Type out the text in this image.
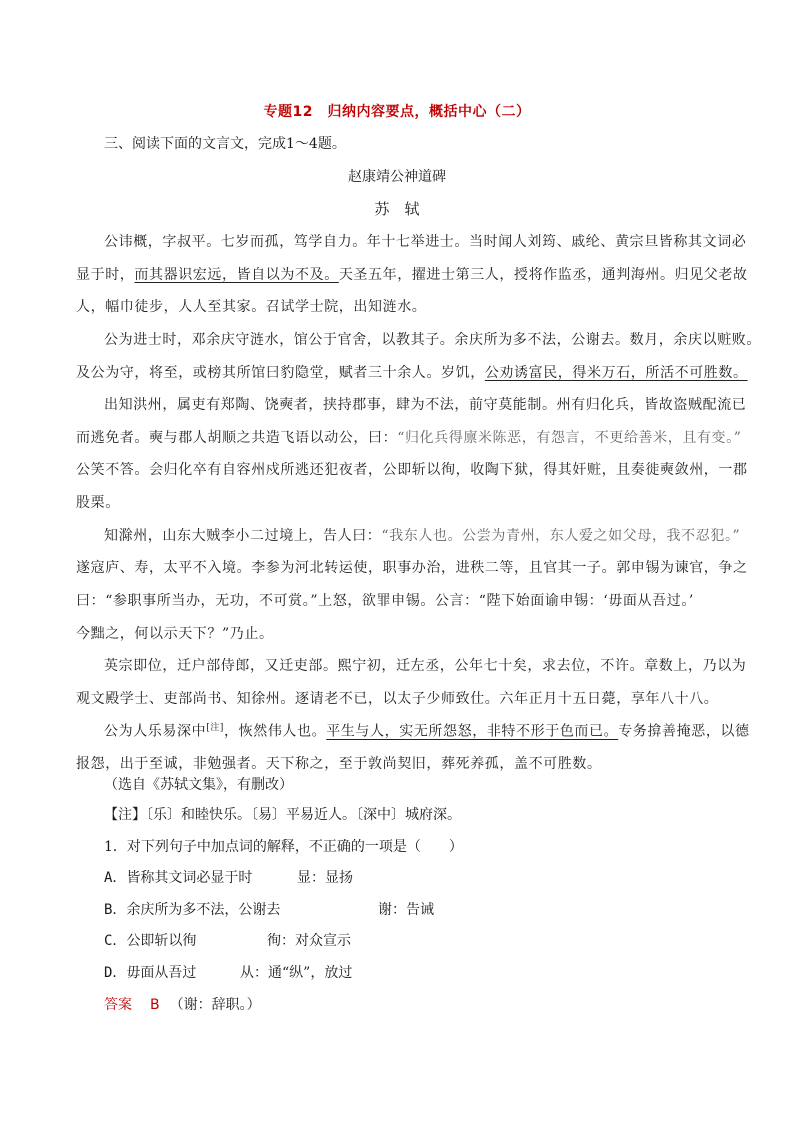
专题12　归纳内容要点，概括中心（二）
三、阅读下面的文言文，完成1～4题。
赵康靖公神道碑
苏　轼
公讳概，字叔平。七岁而孤，笃学自力。年十七举进士。当时闻人刘筠、戚纶、黄宗旦皆称其文词必
显于时，而其器识宏远，皆自以为不及。天圣五年，擢进士第三人，授将作监丞，通判海州。归见父老故
人，幅巾徒步，人人至其家。召试学士院，出知涟水。
公为进士时，邓余庆守涟水，馆公于官舍，以教其子。余庆所为多不法，公谢去。数月，余庆以赃败。
及公为守，将至，或榜其所馆曰豹隐堂，赋者三十余人。岁饥，公劝诱富民，得米万石，所活不可胜数。
出知洪州，属吏有郑陶、饶奭者，挟持郡事，肆为不法，前守莫能制。州有归化兵，皆故盗贼配流已
而逃免者。奭与郡人胡顺之共造飞语以动公，曰：“归化兵得廪米陈恶，有怨言，不更给善米，且有变。”
公笑不答。会归化卒有自容州戍所逃还犯夜者，公即斩以徇，收陶下狱，得其奸赃，且奏徙奭敛州，一郡
股栗。
知滁州，山东大贼李小二过境上，告人曰：“我东人也。公尝为青州，东人爱之如父母，我不忍犯。”
遂寇庐、寿，太平不入境。李参为河北转运使，职事办治，进秩二等，且官其一子。郭申锡为谏官，争之
曰：“参职事所当办，无功，不可赏。”上怒，欲罪申锡。公言：“陛下始面谕申锡：‘毋面从吾过。’
今黜之，何以示天下？”乃止。
英宗即位，迁户部侍郎，又迁吏部。熙宁初，迁左丞，公年七十矣，求去位，不许。章数上，乃以为
观文殿学士、吏部尚书、知徐州。逐请老不已，以太子少师致仕。六年正月十五日薨，享年八十八。
公为人乐易深中[注]，恢然伟人也。平生与人，实无所怨怒，非特不形于色而已。专务揜善掩恶，以德
报怨，出于至诚，非勉强者。天下称之，至于敦尚契旧，葬死养孤，盖不可胜数。
（选自《苏轼文集》，有删改）
【注】〔乐〕和睦快乐。〔易〕平易近人。〔深中〕城府深。
1．对下列句子中加点词的解释，不正确的一项是（　　）
A．皆称其文词必显于时	显：显扬
B．余庆所为多不法，公谢去	谢：告诫
C．公即斩以徇	徇：对众宣示
D．毋面从吾过	从：通“纵”，放过
答案 B （谢：辞职。）
